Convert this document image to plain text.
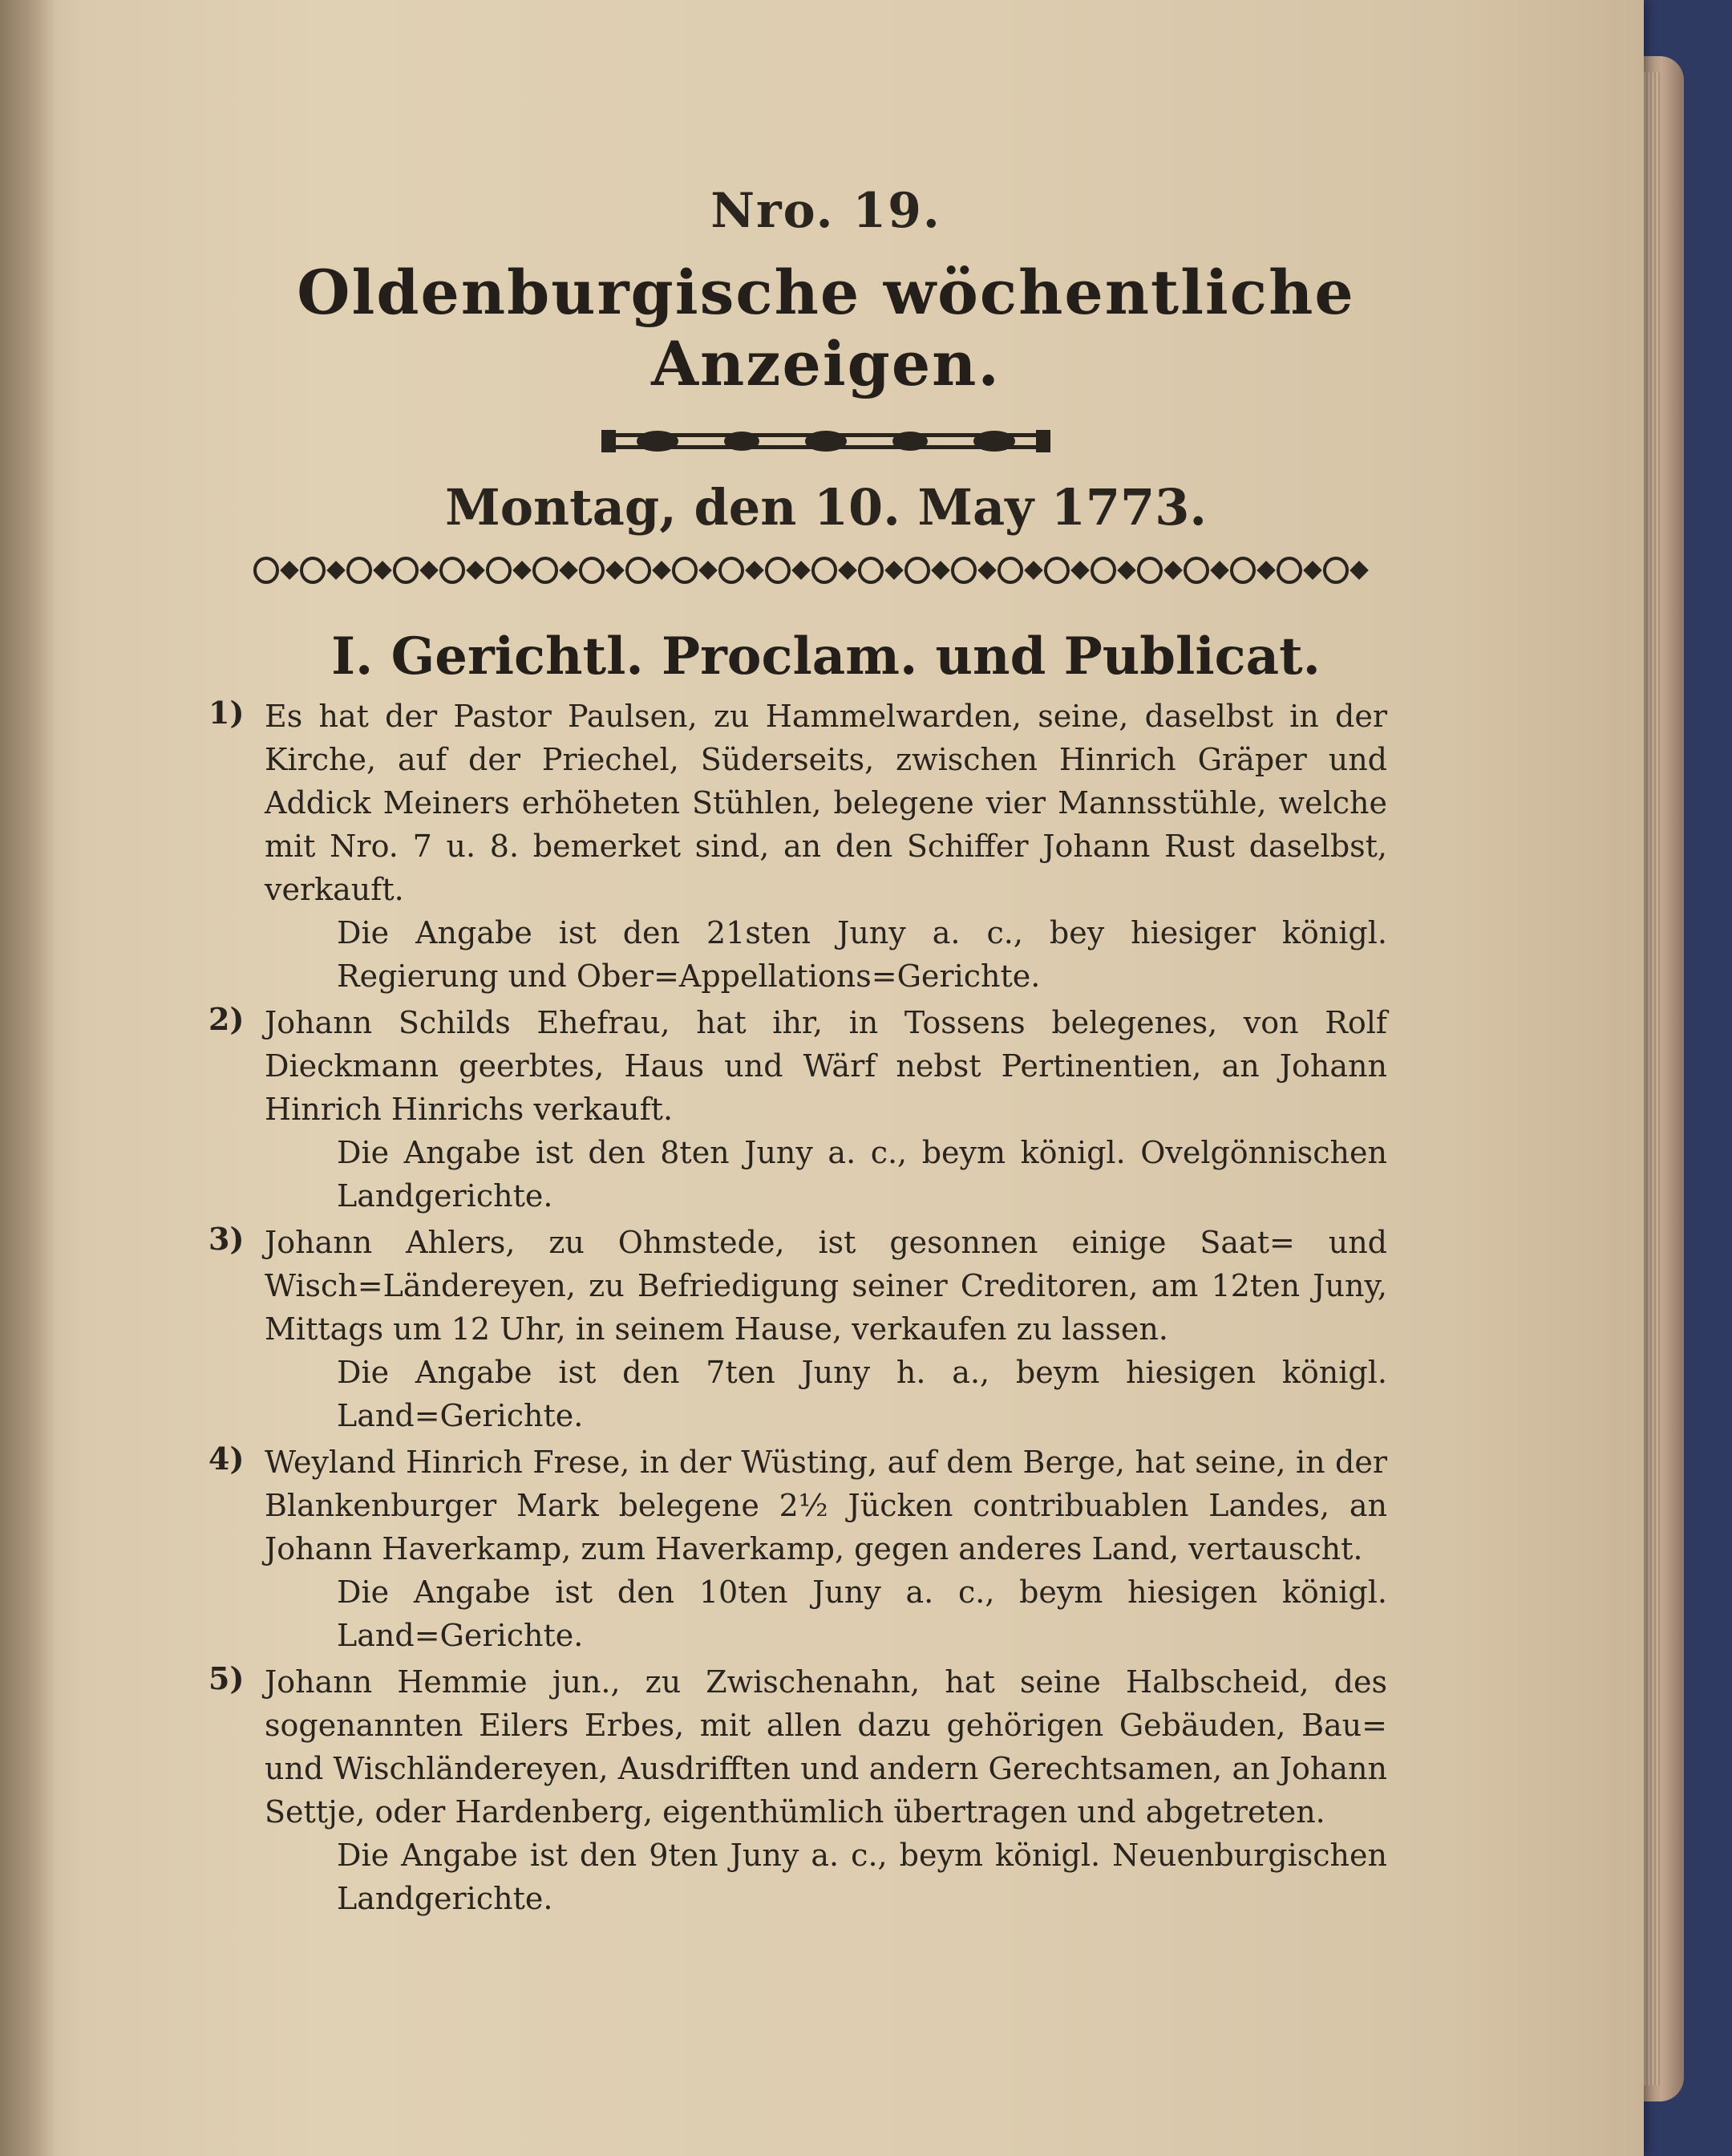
Nro. 19.
Oldenburgische wöchentliche Anzeigen.
Montag, den 10. May 1773.
I. Gerichtl. Proclam. und Publicat.
1) Es hat der Pastor Paulsen, zu Hammelwarden, seine, daselbst in der Kirche, auf der Priechel, Süderseits, zwischen Hinrich Gräper und Addick Meiners erhöheten Stühlen, belegene vier Mannsstühle, welche mit Nro. 7 u. 8. bemerket sind, an den Schiffer Johann Rust daselbst, verkauft.
Die Angabe ist den 21sten Juny a. c., bey hiesiger königl. Regierung und Ober=Appellations=Gerichte.
2) Johann Schilds Ehefrau, hat ihr, in Tossens belegenes, von Rolf Dieckmann geerbtes, Haus und Wärf nebst Pertinentien, an Johann Hinrich Hinrichs verkauft.
Die Angabe ist den 8ten Juny a. c., beym königl. Ovelgönnischen Landgerichte.
3) Johann Ahlers, zu Ohmstede, ist gesonnen einige Saat= und Wisch=Ländereyen, zu Befriedigung seiner Creditoren, am 12ten Juny, Mittags um 12 Uhr, in seinem Hause, verkaufen zu lassen.
Die Angabe ist den 7ten Juny h. a., beym hiesigen königl. Land=Gerichte.
4) Weyland Hinrich Frese, in der Wüsting, auf dem Berge, hat seine, in der Blankenburger Mark belegene 2½ Jücken contribuablen Landes, an Johann Haverkamp, zum Haverkamp, gegen anderes Land, vertauscht.
Die Angabe ist den 10ten Juny a. c., beym hiesigen königl. Land=Gerichte.
5) Johann Hemmie jun., zu Zwischenahn, hat seine Halbscheid, des sogenannten Eilers Erbes, mit allen dazu gehörigen Gebäuden, Bau= und Wischländereyen, Ausdrifften und andern Gerechtsamen, an Johann Settje, oder Hardenberg, eigenthümlich übertragen und abgetreten.
Die Angabe ist den 9ten Juny a. c., beym königl. Neuenburgischen Landgerichte.
